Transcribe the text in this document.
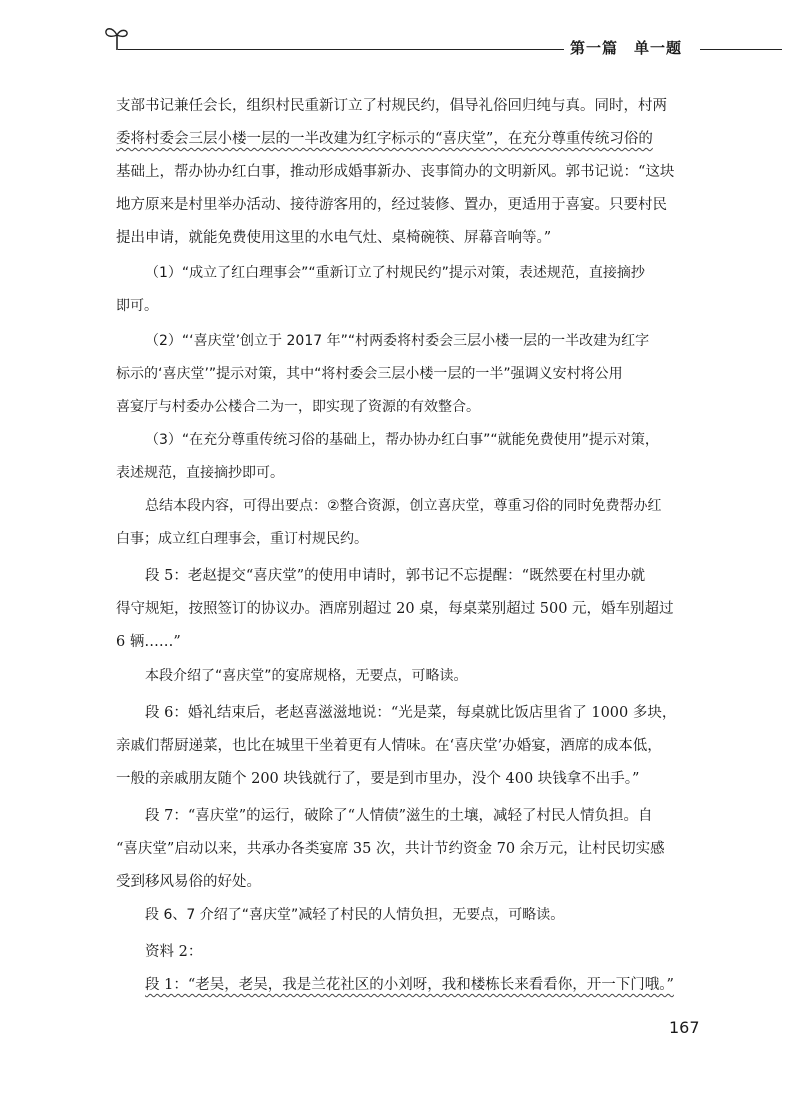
第一篇　单一题
支部书记兼任会长，组织村民重新订立了村规民约，倡导礼俗回归纯与真。同时，村两
委将村委会三层小楼一层的一半改建为红字标示的“喜庆堂”，在充分尊重传统习俗的
基础上，帮办协办红白事，推动形成婚事新办、丧事简办的文明新风。郭书记说：“这块
地方原来是村里举办活动、接待游客用的，经过装修、置办，更适用于喜宴。只要村民
提出申请，就能免费使用这里的水电气灶、桌椅碗筷、屏幕音响等。”
（1）“成立了红白理事会”“重新订立了村规民约”提示对策，表述规范，直接摘抄
即可。
（2）“‘喜庆堂’创立于 2017 年”“村两委将村委会三层小楼一层的一半改建为红字
标示的‘喜庆堂’”提示对策，其中“将村委会三层小楼一层的一半”强调义安村将公用
喜宴厅与村委办公楼合二为一，即实现了资源的有效整合。
（3）“在充分尊重传统习俗的基础上，帮办协办红白事”“就能免费使用”提示对策，
表述规范，直接摘抄即可。
总结本段内容，可得出要点：②整合资源，创立喜庆堂，尊重习俗的同时免费帮办红
白事；成立红白理事会，重订村规民约。
段 5：老赵提交“喜庆堂”的使用申请时，郭书记不忘提醒：“既然要在村里办就
得守规矩，按照签订的协议办。酒席别超过 20 桌，每桌菜别超过 500 元，婚车别超过
6 辆……”
本段介绍了“喜庆堂”的宴席规格，无要点，可略读。
段 6：婚礼结束后，老赵喜滋滋地说：“光是菜，每桌就比饭店里省了 1000 多块，
亲戚们帮厨递菜，也比在城里干坐着更有人情味。在‘喜庆堂’办婚宴，酒席的成本低，
一般的亲戚朋友随个 200 块钱就行了，要是到市里办，没个 400 块钱拿不出手。”
段 7：“喜庆堂”的运行，破除了“人情债”滋生的土壤，减轻了村民人情负担。自
“喜庆堂”启动以来，共承办各类宴席 35 次，共计节约资金 70 余万元，让村民切实感
受到移风易俗的好处。
段 6、7 介绍了“喜庆堂”减轻了村民的人情负担，无要点，可略读。
资料 2：
段 1：“老吴，老吴，我是兰花社区的小刘呀，我和楼栋长来看看你，开一下门哦。”
167
